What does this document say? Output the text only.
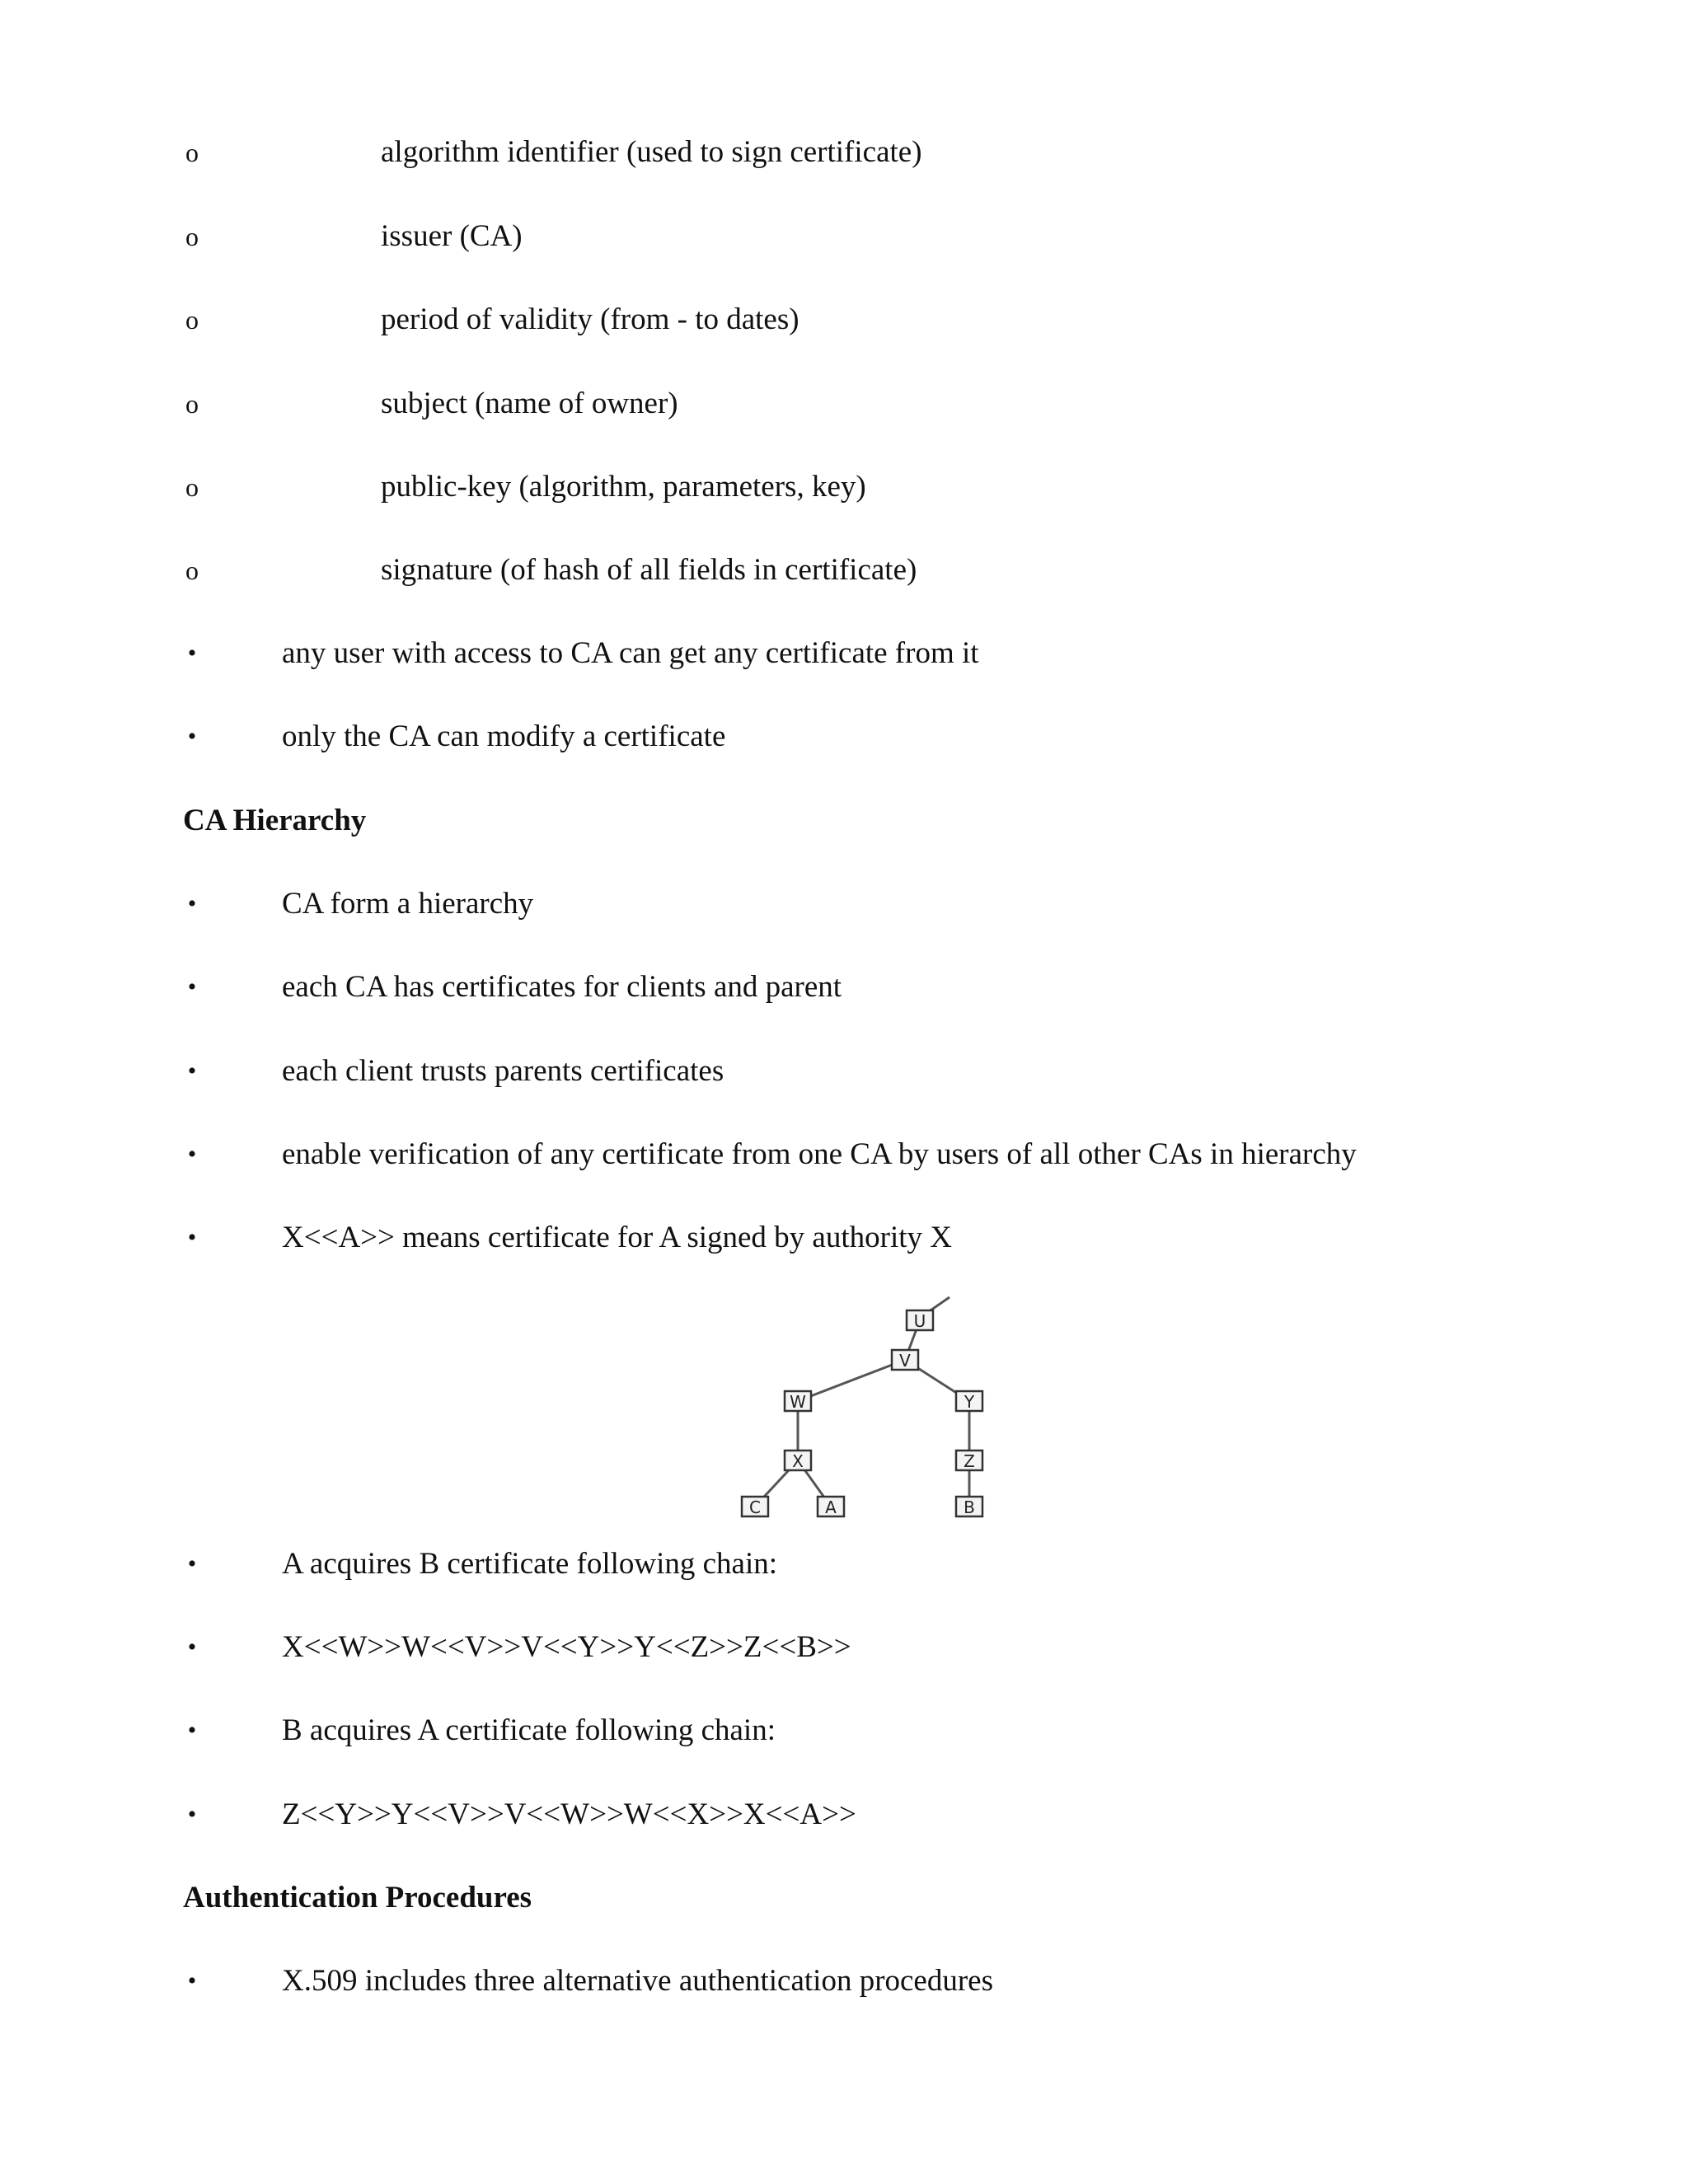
o	algorithm identifier (used to sign certificate)
o	issuer (CA)
o	period of validity (from - to dates)
o	subject (name of owner)
o	public-key (algorithm, parameters, key)
o	signature (of hash of all fields in certificate)
•	any user with access to CA can get any certificate from it
•	only the CA can modify a certificate
CA Hierarchy
•	CA form a hierarchy
•	each CA has certificates for clients and parent
•	each client trusts parents certificates
•	enable verification of any certificate from one CA by users of all other CAs in hierarchy
•	X<<A>> means certificate for A signed by authority X
U
V
W	Y
X	Z
C	A	B
•	A acquires B certificate following chain:
•	X<<W>>W<<V>>V<<Y>>Y<<Z>>Z<<B>>
•	B acquires A certificate following chain:
•	Z<<Y>>Y<<V>>V<<W>>W<<X>>X<<A>>
Authentication Procedures
•	X.509 includes three alternative authentication procedures
